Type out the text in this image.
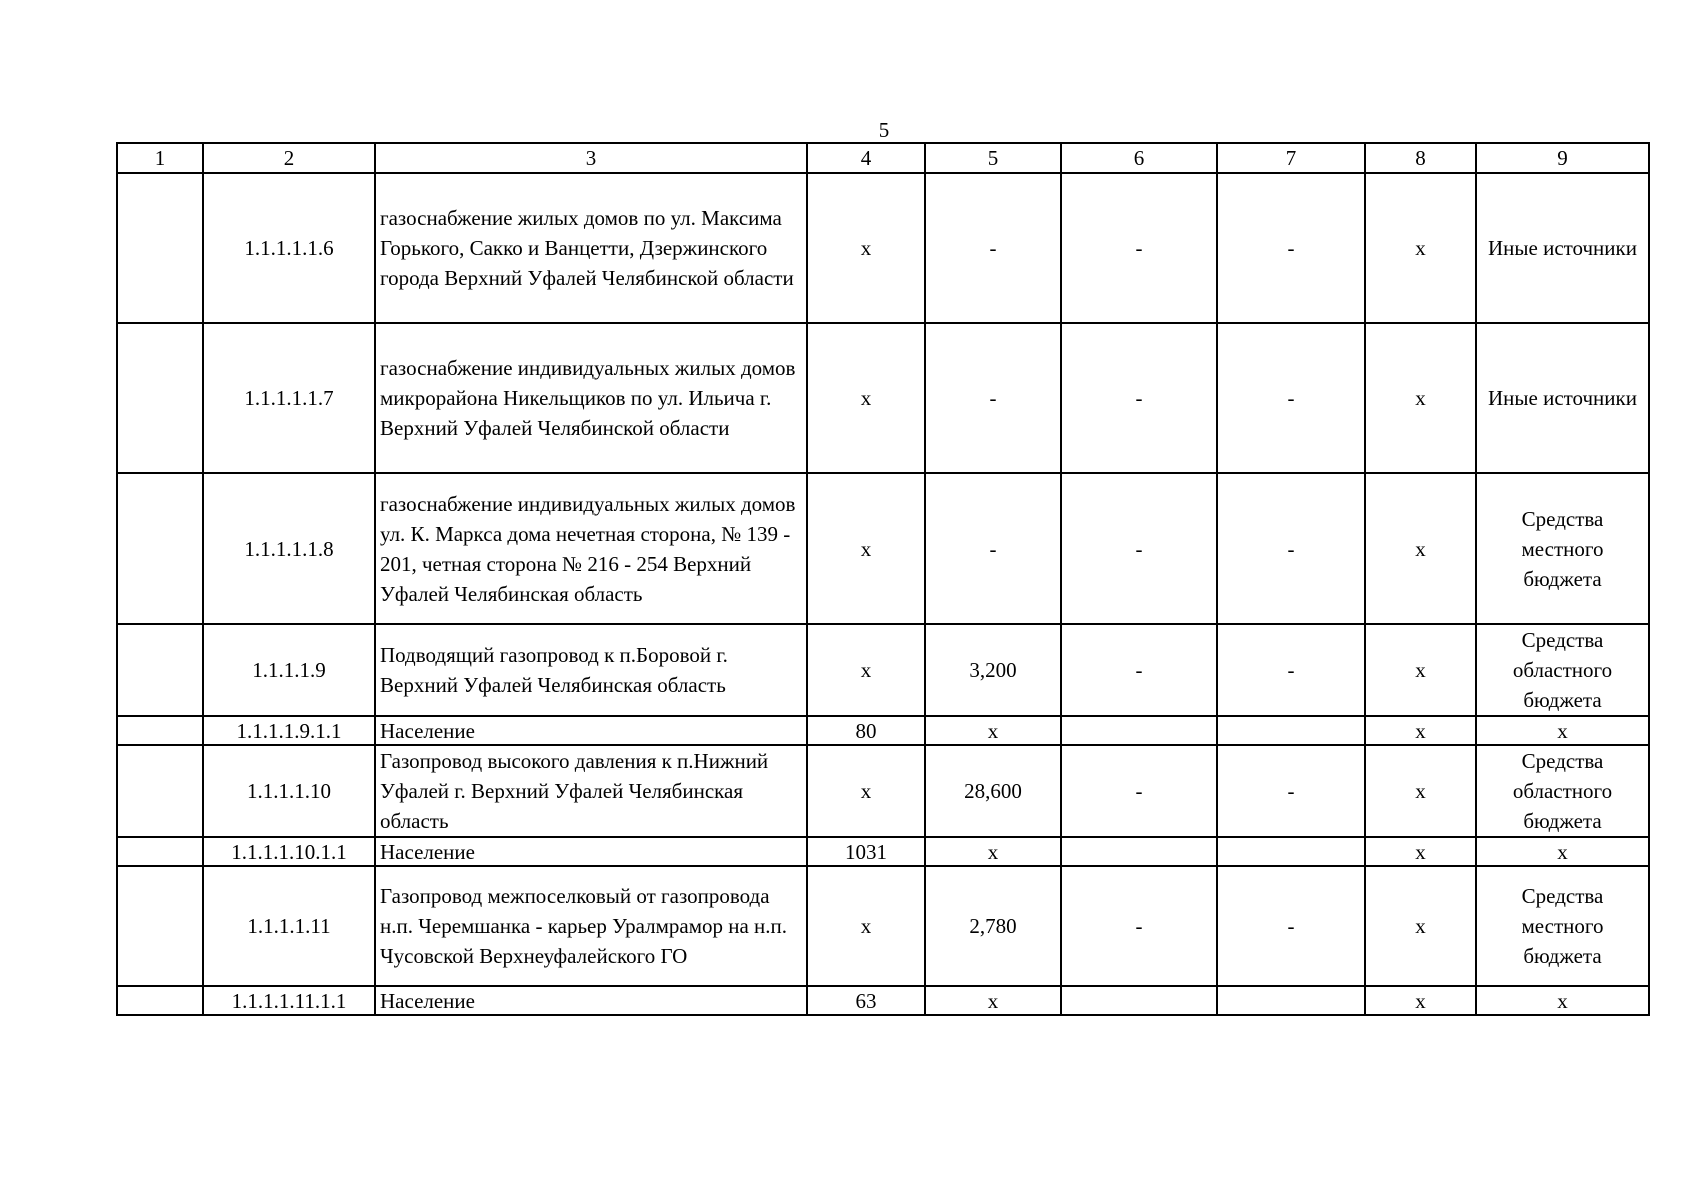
5
1	2	3	4	5	6	7	8	9
	1.1.1.1.1.6	газоснабжение жилых домов по ул. Максима Горького, Сакко и Ванцетти, Дзержинского города Верхний Уфалей Челябинской области	х	-	-	-	х	Иные источники
	1.1.1.1.1.7	газоснабжение индивидуальных жилых домов микрорайона Никельщиков по ул. Ильича г. Верхний Уфалей Челябинской области	х	-	-	-	х	Иные источники
	1.1.1.1.1.8	газоснабжение индивидуальных жилых домов ул. К. Маркса дома нечетная сторона, № 139 - 201, четная сторона № 216 - 254 Верхний Уфалей Челябинская область	х	-	-	-	х	Средства местного бюджета
	1.1.1.1.9	Подводящий газопровод к п.Боровой г. Верхний Уфалей Челябинская область	х	3,200	-	-	х	Средства областного бюджета
	1.1.1.1.9.1.1	Население	80	х			х	х
	1.1.1.1.10	Газопровод высокого давления к п.Нижний Уфалей г. Верхний Уфалей Челябинская область	х	28,600	-	-	х	Средства областного бюджета
	1.1.1.1.10.1.1	Население	1031	х			х	х
	1.1.1.1.11	Газопровод межпоселковый от газопровода н.п. Черемшанка - карьер Уралмрамор на н.п. Чусовской Верхнеуфалейского ГО	х	2,780	-	-	х	Средства местного бюджета
	1.1.1.1.11.1.1	Население	63	х			х	х
